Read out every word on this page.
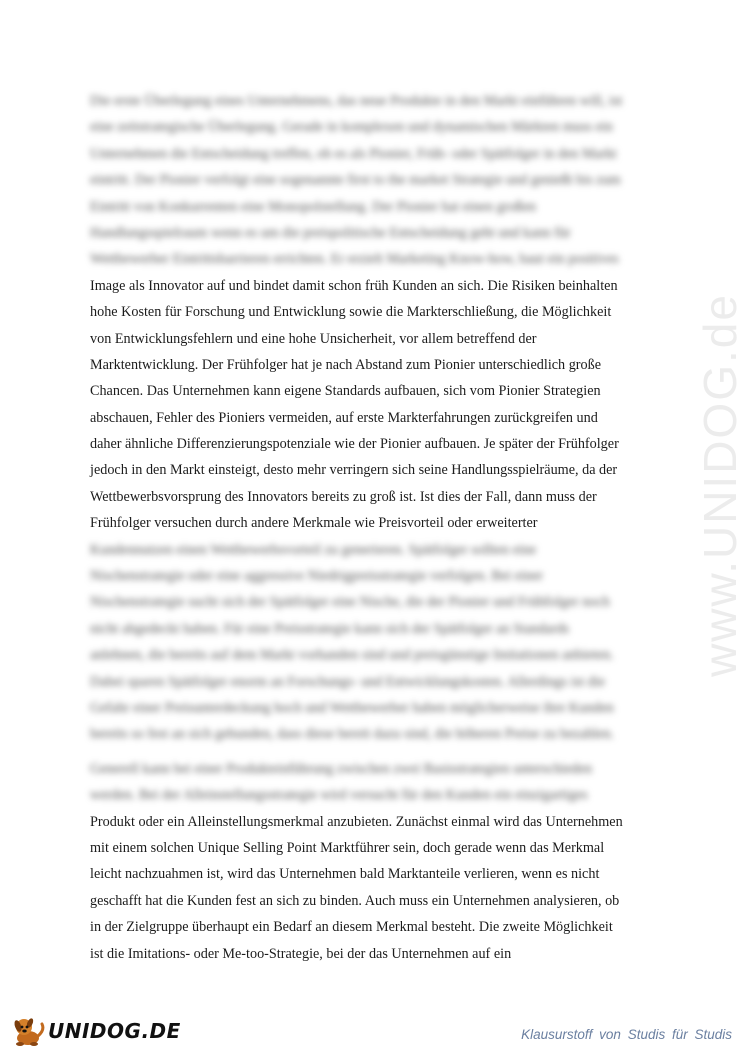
www.UNIDOG.de
Die erste Überlegung eines Unternehmens, das neue Produkte in den Markt einführen will, ist
eine zeitstrategische Überlegung. Gerade in komplexen und dynamischen Märkten muss ein
Unternehmen die Entscheidung treffen, ob es als Pionier, Früh- oder Spätfolger in den Markt
eintritt. Der Pionier verfolgt eine sogenannte first to the market Strategie und genießt bis zum
Eintritt von Konkurrenten eine Monopolstellung. Der Pionier hat einen großen
Handlungsspielraum wenn es um die preispolitische Entscheidung geht und kann für
Wettbewerber Eintrittsbarrieren errichten. Er erzielt Marketing Know-how, baut ein positives
Image als Innovator auf und bindet damit schon früh Kunden an sich. Die Risiken beinhalten
hohe Kosten für Forschung und Entwicklung sowie die Markterschließung, die Möglichkeit
von Entwicklungsfehlern und eine hohe Unsicherheit, vor allem betreffend der
Marktentwicklung. Der Frühfolger hat je nach Abstand zum Pionier unterschiedlich große
Chancen. Das Unternehmen kann eigene Standards aufbauen, sich vom Pionier Strategien
abschauen, Fehler des Pioniers vermeiden, auf erste Markterfahrungen zurückgreifen und
daher ähnliche Differenzierungspotenziale wie der Pionier aufbauen. Je später der Frühfolger
jedoch in den Markt einsteigt, desto mehr verringern sich seine Handlungsspielräume, da der
Wettbewerbsvorsprung des Innovators bereits zu groß ist. Ist dies der Fall, dann muss der
Frühfolger versuchen durch andere Merkmale wie Preisvorteil oder erweiterter
Kundennutzen einen Wettbewerbsvorteil zu generieren. Spätfolger sollten eine
Nischenstrategie oder eine aggressive Niedrigpreisstrategie verfolgen. Bei einer
Nischenstrategie sucht sich der Spätfolger eine Nische, die der Pionier und Frühfolger noch
nicht abgedeckt haben. Für eine Preisstrategie kann sich der Spätfolger an Standards
anlehnen, die bereits auf dem Markt vorhanden sind und preisgünstige Imitationen anbieten.
Dabei sparen Spätfolger enorm an Forschungs- und Entwicklungskosten. Allerdings ist die
Gefahr einer Preisunterdeckung hoch und Wettbewerber haben möglicherweise ihre Kunden
bereits so fest an sich gebunden, dass diese bereit dazu sind, die höheren Preise zu bezahlen.
Generell kann bei einer Produkteinführung zwischen zwei Basisstrategien unterschieden
werden. Bei der Alleinstellungsstrategie wird versucht für den Kunden ein einzigartiges
Produkt oder ein Alleinstellungsmerkmal anzubieten. Zunächst einmal wird das Unternehmen
mit einem solchen Unique Selling Point Marktführer sein, doch gerade wenn das Merkmal
leicht nachzuahmen ist, wird das Unternehmen bald Marktanteile verlieren, wenn es nicht
geschafft hat die Kunden fest an sich zu binden. Auch muss ein Unternehmen analysieren, ob
in der Zielgruppe überhaupt ein Bedarf an diesem Merkmal besteht. Die zweite Möglichkeit
ist die Imitations- oder Me-too-Strategie, bei der das Unternehmen auf ein
UNIDOG.DE	Klausurstoff von Studis für Studis
